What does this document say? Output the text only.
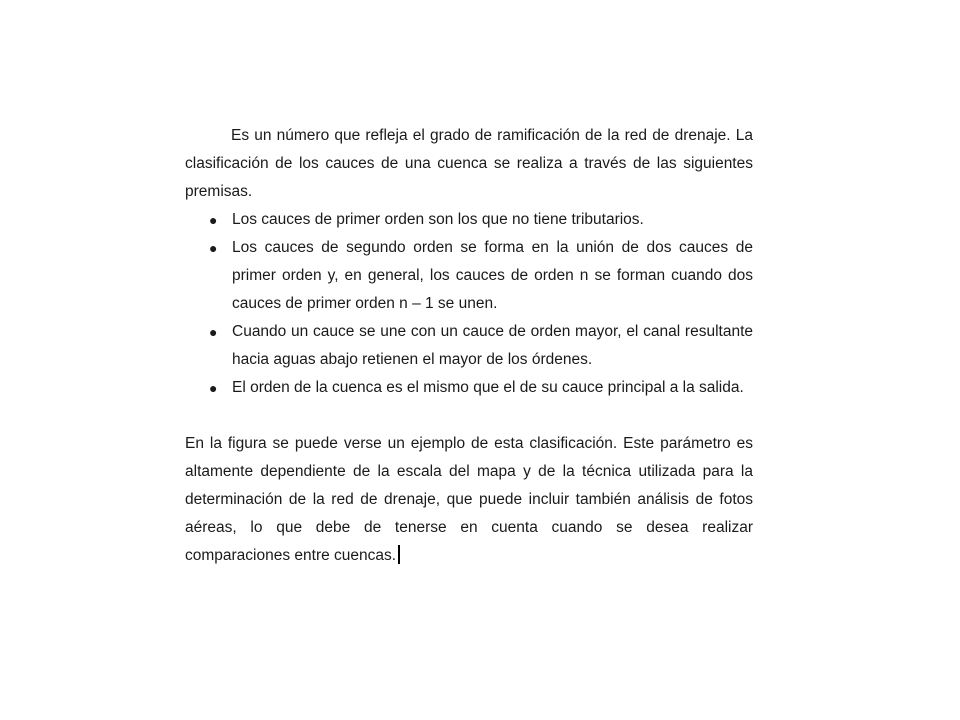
Es un número que refleja el grado de ramificación de la red de drenaje. La clasificación de los cauces de una cuenca se realiza a través de las siguientes premisas.

● Los cauces de primer orden son los que no tiene tributarios.
● Los cauces de segundo orden se forma en la unión de dos cauces de primer orden y, en general, los cauces de orden n se forman cuando dos cauces de primer orden n – 1 se unen.
● Cuando un cauce se une con un cauce de orden mayor, el canal resultante hacia aguas abajo retienen el mayor de los órdenes.
● El orden de la cuenca es el mismo que el de su cauce principal a la salida.

En la figura se puede verse un ejemplo de esta clasificación. Este parámetro es altamente dependiente de la escala del mapa y de la técnica utilizada para la determinación de la red de drenaje, que puede incluir también análisis de fotos aéreas, lo que debe de tenerse en cuenta cuando se desea realizar comparaciones entre cuencas.
